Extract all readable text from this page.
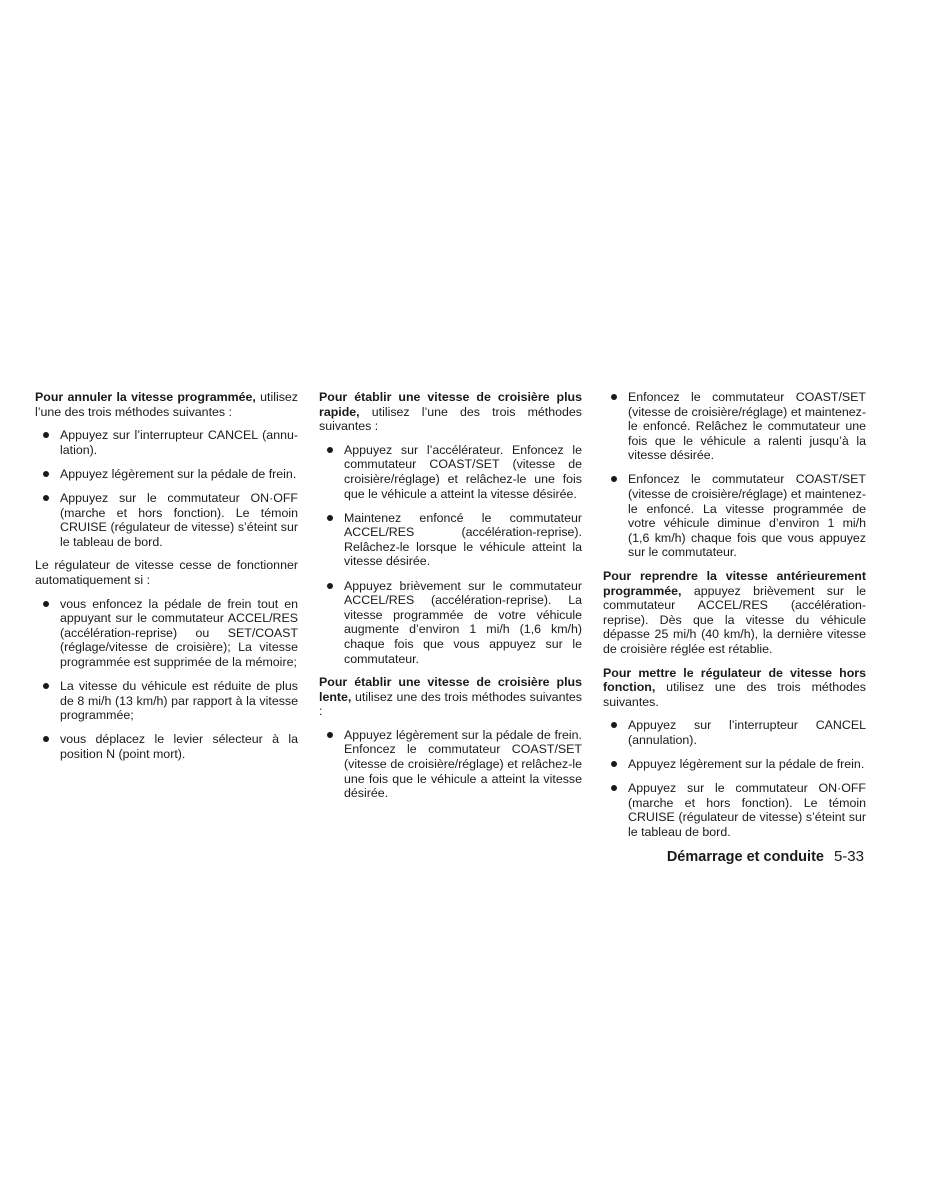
Pour annuler la vitesse programmée, utilisez l’une des trois méthodes suivantes :

Appuyez sur l’interrupteur CANCEL (annu-lation).
Appuyez légèrement sur la pédale de frein.
Appuyez sur le commutateur ON·OFF (marche et hors fonction). Le témoin CRUISE (régulateur de vitesse) s’éteint sur le tableau de bord.

Le régulateur de vitesse cesse de fonctionner automatiquement si :

vous enfoncez la pédale de frein tout en appuyant sur le commutateur ACCEL/RES (accélération-reprise) ou SET/COAST (réglage/vitesse de croisière); La vitesse programmée est supprimée de la mémoire;
La vitesse du véhicule est réduite de plus de 8 mi/h (13 km/h) par rapport à la vitesse programmée;
vous déplacez le levier sélecteur à la position N (point mort).

Pour établir une vitesse de croisière plus rapide, utilisez l’une des trois méthodes suivantes :

Appuyez sur l’accélérateur. Enfoncez le commutateur COAST/SET (vitesse de croisière/réglage) et relâchez-le une fois que le véhicule a atteint la vitesse désirée.
Maintenez enfoncé le commutateur ACCEL/RES (accélération-reprise). Relâchez-le lorsque le véhicule atteint la vitesse désirée.
Appuyez brièvement sur le commutateur ACCEL/RES (accélération-reprise). La vitesse programmée de votre véhicule augmente d’environ 1 mi/h (1,6 km/h) chaque fois que vous appuyez sur le commutateur.

Pour établir une vitesse de croisière plus lente, utilisez une des trois méthodes suivantes :

Appuyez légèrement sur la pédale de frein. Enfoncez le commutateur COAST/SET (vitesse de croisière/réglage) et relâchez-le une fois que le véhicule a atteint la vitesse désirée.
Enfoncez le commutateur COAST/SET (vitesse de croisière/réglage) et maintenez-le enfoncé. Relâchez le commutateur une fois que le véhicule a ralenti jusqu’à la vitesse désirée.
Enfoncez le commutateur COAST/SET (vitesse de croisière/réglage) et maintenez-le enfoncé. La vitesse programmée de votre véhicule diminue d’environ 1 mi/h (1,6 km/h) chaque fois que vous appuyez sur le commutateur.

Pour reprendre la vitesse antérieurement programmée, appuyez brièvement sur le commutateur ACCEL/RES (accélération-reprise). Dès que la vitesse du véhicule dépasse 25 mi/h (40 km/h), la dernière vitesse de croisière réglée est rétablie.

Pour mettre le régulateur de vitesse hors fonction, utilisez une des trois méthodes suivantes.

Appuyez sur l’interrupteur CANCEL (annulation).
Appuyez légèrement sur la pédale de frein.
Appuyez sur le commutateur ON·OFF (marche et hors fonction). Le témoin CRUISE (régulateur de vitesse) s’éteint sur le tableau de bord.
Démarrage et conduite 5-33
